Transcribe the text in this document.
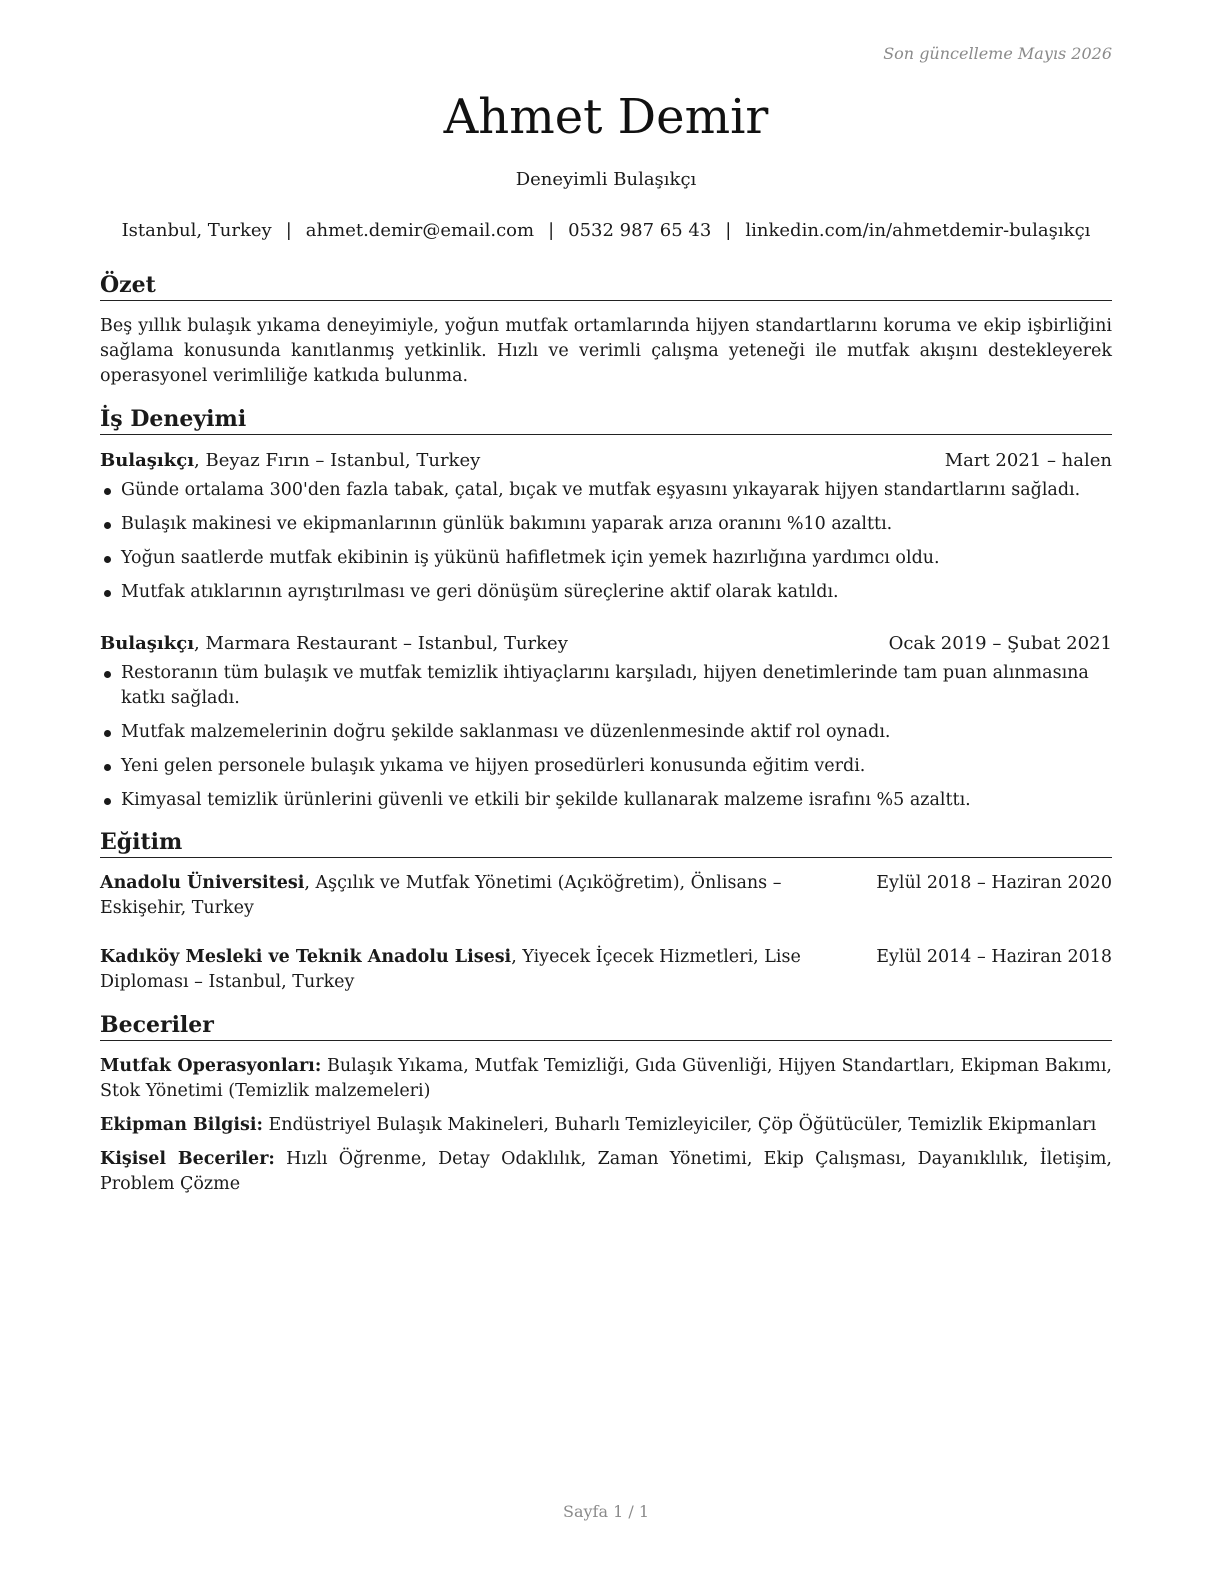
Son güncelleme Mayıs 2026
Ahmet Demir
Deneyimli Bulaşıkçı
Istanbul, Turkey | ahmet.demir@email.com | 0532 987 65 43 | linkedin.com/in/ahmetdemir-bulaşıkçı
Özet
Beş yıllık bulaşık yıkama deneyimiyle, yoğun mutfak ortamlarında hijyen standartlarını koruma ve ekip işbirliğini sağlama konusunda kanıtlanmış yetkinlik. Hızlı ve verimli çalışma yeteneği ile mutfak akışını destekleyerek operasyonel verimliliğe katkıda bulunma.
İş Deneyimi
Bulaşıkçı, Beyaz Fırın – Istanbul, Turkey	Mart 2021 – halen
Günde ortalama 300'den fazla tabak, çatal, bıçak ve mutfak eşyasını yıkayarak hijyen standartlarını sağladı.
Bulaşık makinesi ve ekipmanlarının günlük bakımını yaparak arıza oranını %10 azalttı.
Yoğun saatlerde mutfak ekibinin iş yükünü hafifletmek için yemek hazırlığına yardımcı oldu.
Mutfak atıklarının ayrıştırılması ve geri dönüşüm süreçlerine aktif olarak katıldı.
Bulaşıkçı, Marmara Restaurant – Istanbul, Turkey	Ocak 2019 – Şubat 2021
Restoranın tüm bulaşık ve mutfak temizlik ihtiyaçlarını karşıladı, hijyen denetimlerinde tam puan alınmasına katkı sağladı.
Mutfak malzemelerinin doğru şekilde saklanması ve düzenlenmesinde aktif rol oynadı.
Yeni gelen personele bulaşık yıkama ve hijyen prosedürleri konusunda eğitim verdi.
Kimyasal temizlik ürünlerini güvenli ve etkili bir şekilde kullanarak malzeme israfını %5 azalttı.
Eğitim
Eylül 2018 – Haziran 2020
Anadolu Üniversitesi, Aşçılık ve Mutfak Yönetimi (Açıköğretim), Önlisans – Eskişehir, Turkey
Eylül 2014 – Haziran 2018
Kadıköy Mesleki ve Teknik Anadolu Lisesi, Yiyecek İçecek Hizmetleri, Lise Diploması – Istanbul, Turkey
Beceriler
Mutfak Operasyonları: Bulaşık Yıkama, Mutfak Temizliği, Gıda Güvenliği, Hijyen Standartları, Ekipman Bakımı, Stok Yönetimi (Temizlik malzemeleri)
Ekipman Bilgisi: Endüstriyel Bulaşık Makineleri, Buharlı Temizleyiciler, Çöp Öğütücüler, Temizlik Ekipmanları
Kişisel Beceriler: Hızlı Öğrenme, Detay Odaklılık, Zaman Yönetimi, Ekip Çalışması, Dayanıklılık, İletişim, Problem Çözme
Sayfa 1 / 1
